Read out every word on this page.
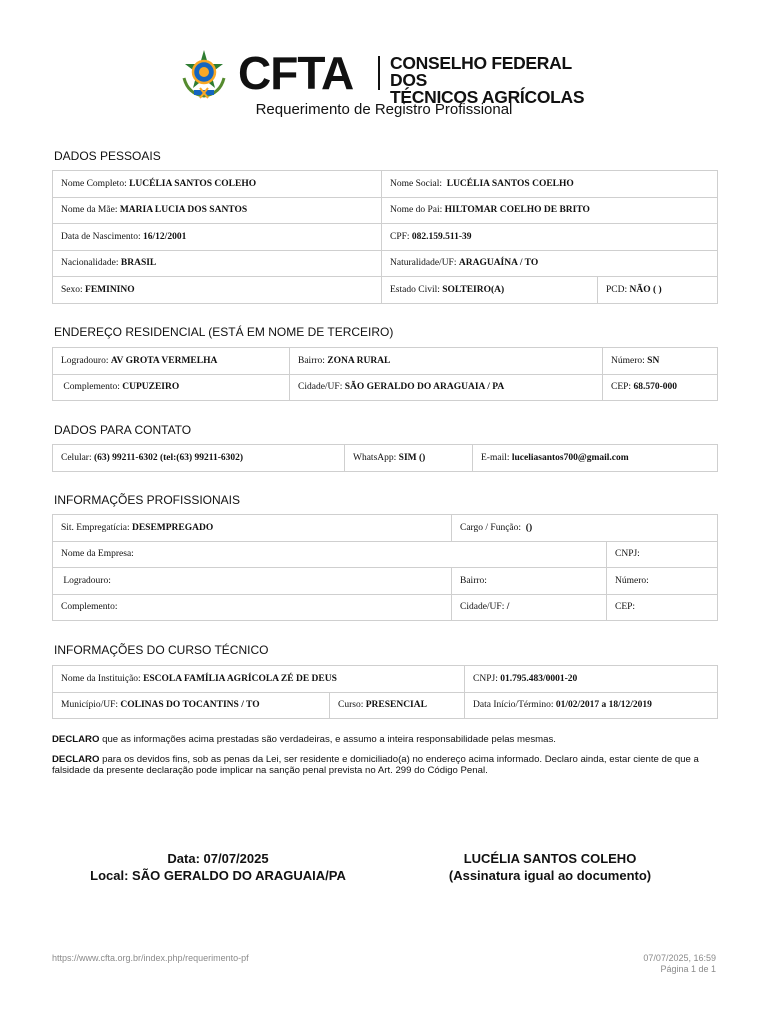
CFTA CONSELHO FEDERAL DOS
TÉCNICOS AGRÍCOLAS
Requerimento de Registro Profissional
DADOS PESSOAIS
Nome Completo: LUCÉLIA SANTOS COLEHO	Nome Social: LUCÉLIA SANTOS COELHO	
Nome da Mãe: MARIA LUCIA DOS SANTOS	Nome do Pai: HILTOMAR COELHO DE BRITO	
Data de Nascimento: 16/12/2001	CPF: 082.159.511-39	
Nacionalidade: BRASIL	Naturalidade/UF: ARAGUAÍNA / TO	
Sexo: FEMININO	Estado Civil: SOLTEIRO(A)	PCD: NÃO ( )
ENDEREÇO RESIDENCIAL (ESTÁ EM NOME DE TERCEIRO)
Logradouro: AV GROTA VERMELHA	Bairro: ZONA RURAL	Número: SN
Complemento: CUPUZEIRO	Cidade/UF: SÃO GERALDO DO ARAGUAIA / PA	CEP: 68.570-000
DADOS PARA CONTATO
Celular: (63) 99211-6302 (tel:(63) 99211-6302)	WhatsApp: SIM ()	E-mail: luceliasantos700@gmail.com
INFORMAÇÕES PROFISSIONAIS
Sit. Empregatícia: DESEMPREGADO	Cargo / Função: ()	
Nome da Empresa:		CNPJ:
Logradouro:	Bairro:	Número:
Complemento:	Cidade/UF: /	CEP:
INFORMAÇÕES DO CURSO TÉCNICO
Nome da Instituição: ESCOLA FAMÍLIA AGRÍCOLA ZÉ DE DEUS		CNPJ: 01.795.483/0001-20
Município/UF: COLINAS DO TOCANTINS / TO	Curso: PRESENCIAL	Data Início/Término: 01/02/2017 a 18/12/2019
DECLARO que as informações acima prestadas são verdadeiras, e assumo a inteira responsabilidade pelas mesmas.
DECLARO para os devidos fins, sob as penas da Lei, ser residente e domiciliado(a) no endereço acima informado. Declaro ainda, estar ciente de que a falsidade da presente declaração pode implicar na sanção penal prevista no Art. 299 do Código Penal.
Data: 07/07/2025
Local: SÃO GERALDO DO ARAGUAIA/PA
LUCÉLIA SANTOS COLEHO
(Assinatura igual ao documento)
https://www.cfta.org.br/index.php/requerimento-pf	07/07/2025, 16:59
Página 1 de 1
